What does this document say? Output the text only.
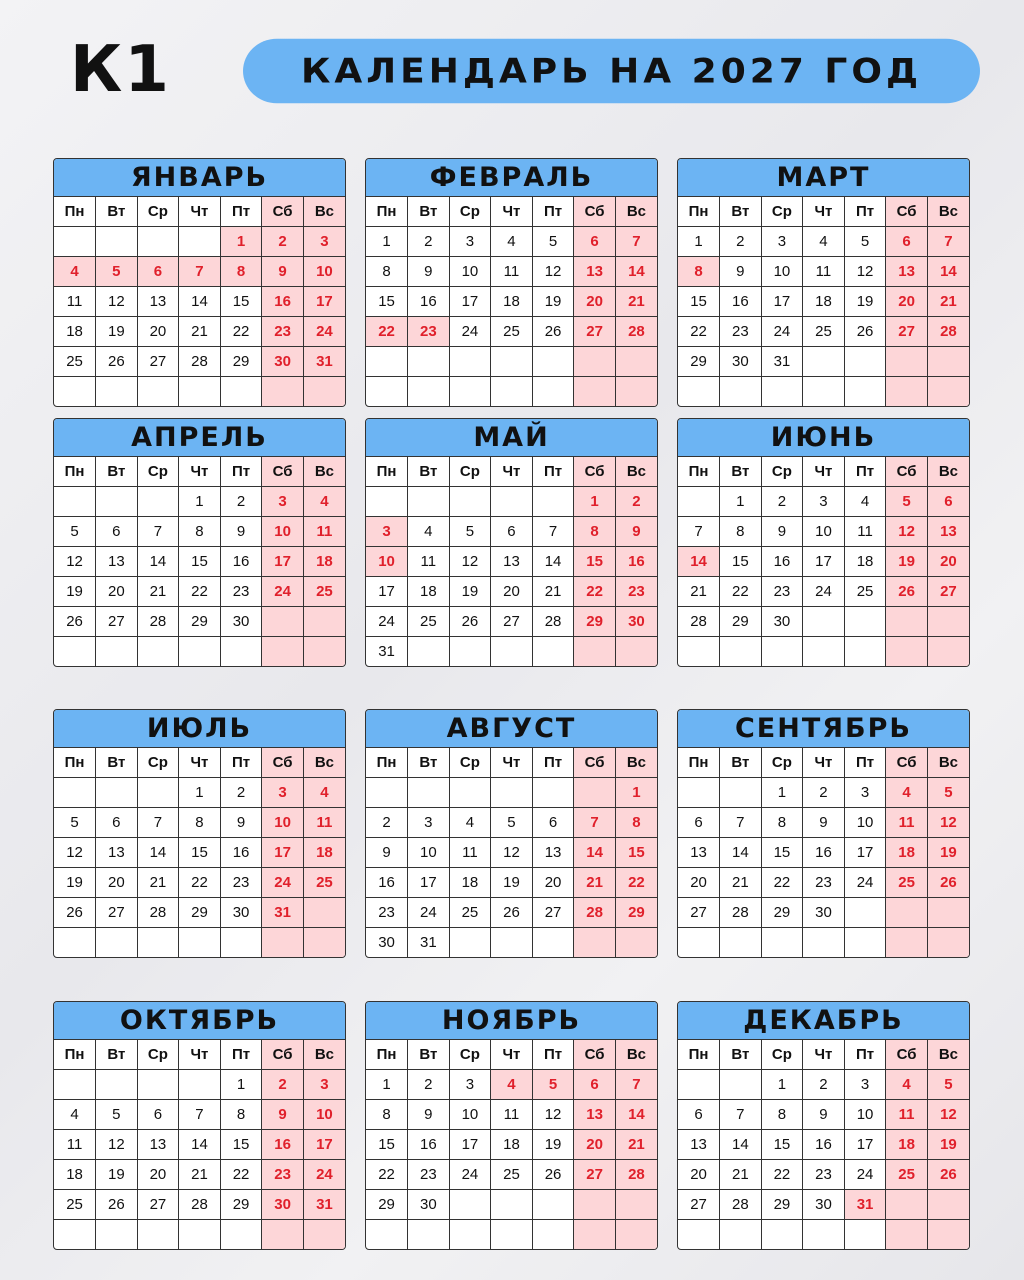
К1	КАЛЕНДАРЬ НА 2027 ГОД
ЯНВАРЬ
Пн	Вт	Ср	Чт	Пт	Сб	Вс
				1	2	3
4	5	6	7	8	9	10
11	12	13	14	15	16	17
18	19	20	21	22	23	24
25	26	27	28	29	30	31

ФЕВРАЛЬ
Пн	Вт	Ср	Чт	Пт	Сб	Вс
1	2	3	4	5	6	7
8	9	10	11	12	13	14
15	16	17	18	19	20	21
22	23	24	25	26	27	28

МАРТ
Пн	Вт	Ср	Чт	Пт	Сб	Вс
1	2	3	4	5	6	7
8	9	10	11	12	13	14
15	16	17	18	19	20	21
22	23	24	25	26	27	28
29	30	31				

АПРЕЛЬ
Пн	Вт	Ср	Чт	Пт	Сб	Вс
			1	2	3	4
5	6	7	8	9	10	11
12	13	14	15	16	17	18
19	20	21	22	23	24	25
26	27	28	29	30		

МАЙ
Пн	Вт	Ср	Чт	Пт	Сб	Вс
					1	2
3	4	5	6	7	8	9
10	11	12	13	14	15	16
17	18	19	20	21	22	23
24	25	26	27	28	29	30
31						
ИЮНЬ
Пн	Вт	Ср	Чт	Пт	Сб	Вс
	1	2	3	4	5	6
7	8	9	10	11	12	13
14	15	16	17	18	19	20
21	22	23	24	25	26	27
28	29	30				

ИЮЛЬ
Пн	Вт	Ср	Чт	Пт	Сб	Вс
			1	2	3	4
5	6	7	8	9	10	11
12	13	14	15	16	17	18
19	20	21	22	23	24	25
26	27	28	29	30	31	

АВГУСТ
Пн	Вт	Ср	Чт	Пт	Сб	Вс
						1
2	3	4	5	6	7	8
9	10	11	12	13	14	15
16	17	18	19	20	21	22
23	24	25	26	27	28	29
30	31					
СЕНТЯБРЬ
Пн	Вт	Ср	Чт	Пт	Сб	Вс
		1	2	3	4	5
6	7	8	9	10	11	12
13	14	15	16	17	18	19
20	21	22	23	24	25	26
27	28	29	30			

ОКТЯБРЬ
Пн	Вт	Ср	Чт	Пт	Сб	Вс
				1	2	3
4	5	6	7	8	9	10
11	12	13	14	15	16	17
18	19	20	21	22	23	24
25	26	27	28	29	30	31

НОЯБРЬ
Пн	Вт	Ср	Чт	Пт	Сб	Вс
1	2	3	4	5	6	7
8	9	10	11	12	13	14
15	16	17	18	19	20	21
22	23	24	25	26	27	28
29	30					

ДЕКАБРЬ
Пн	Вт	Ср	Чт	Пт	Сб	Вс
		1	2	3	4	5
6	7	8	9	10	11	12
13	14	15	16	17	18	19
20	21	22	23	24	25	26
27	28	29	30	31		
